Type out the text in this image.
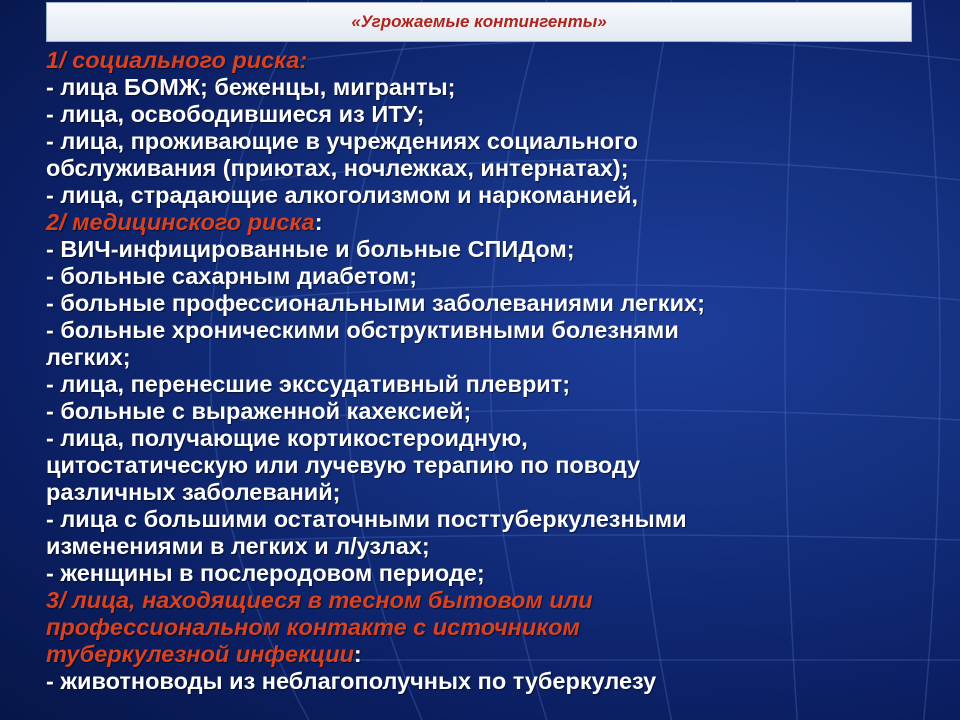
«Угрожаемые контингенты»
1/ социального риска:
- лица БОМЖ; беженцы, мигранты;
- лица, освободившиеся из ИТУ;
- лица, проживающие в учреждениях социального
обслуживания (приютах, ночлежках, интернатах);
- лица, страдающие алкоголизмом и наркоманией,
2/ медицинского риска:
- ВИЧ-инфицированные и больные СПИДом;
- больные сахарным диабетом;
- больные профессиональными заболеваниями легких;
- больные хроническими обструктивными болезнями
легких;
- лица, перенесшие экссудативный плеврит;
- больные с выраженной кахексией;
- лица, получающие кортикостероидную,
цитостатическую или лучевую терапию по поводу
различных заболеваний;
- лица с большими остаточными посттуберкулезными
изменениями в легких и л/узлах;
- женщины в послеродовом периоде;
3/ лица, находящиеся в тесном бытовом или
профессиональном контакте с источником
туберкулезной инфекции:
- животноводы из неблагополучных по туберкулезу
